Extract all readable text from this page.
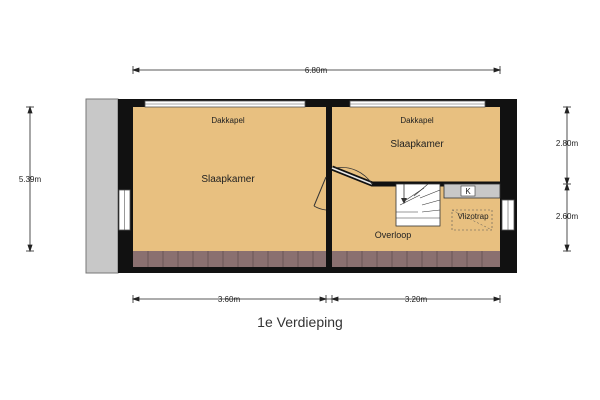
Dakkapel
Slaapkamer
Dakkapel
Slaapkamer
Overloop
Vlizotrap
K
6.80m
5.39m
2.80m
2.60m
3.60m	3.20m
1e Verdieping
